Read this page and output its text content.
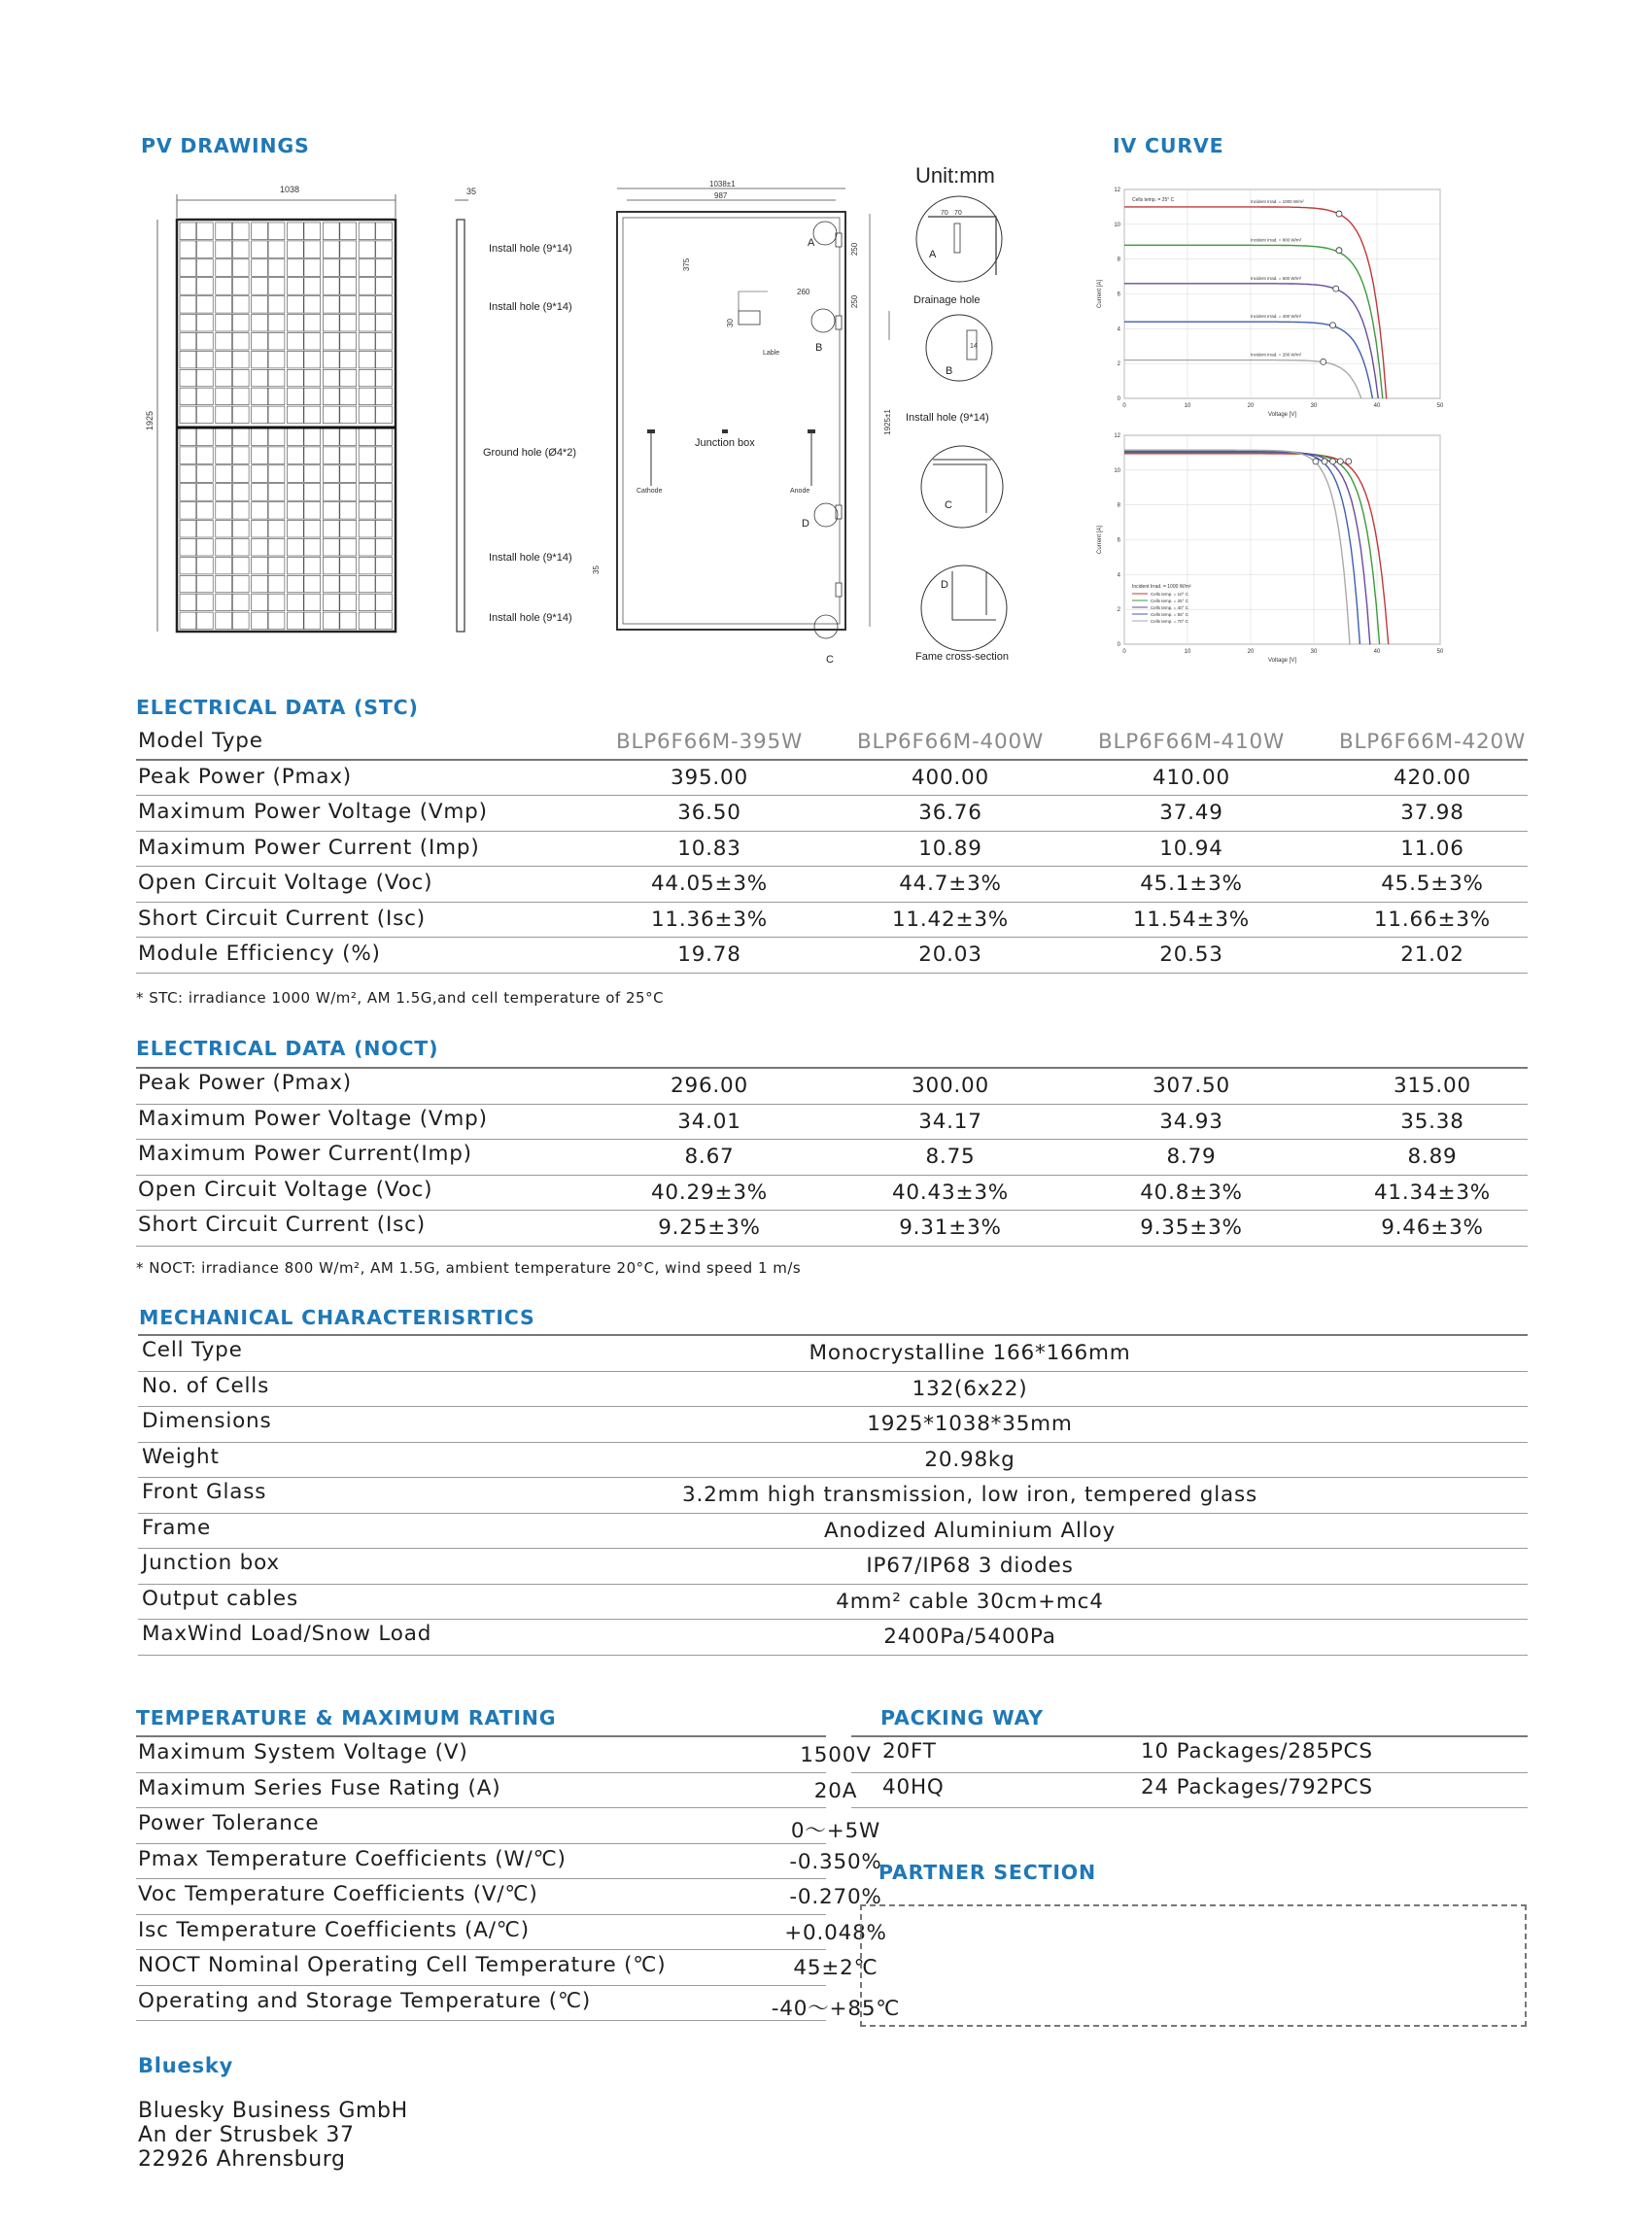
PV DRAWINGS	IV CURVE
1038
1925
35
Install hole (9*14)
Install hole (9*14)
Ground hole (Ø4*2)
Install hole (9*14)
Install hole (9*14)
1038±1
987
1925±1
Junction box
Cathode	Anode
Lable
375
260
250
250
30
35
A
B
D
C
Unit:mm
70 70
A
Drainage hole
14
B
Install hole (9*14)
C
D
Fame cross-section
0	10	20	30	40	50
0
2
4
6
8
10
12
Voltage [V]
Current [A]
Cells temp. = 25° C	Incident Irrad. = 1000 W/m²
Incident Irrad. = 800 W/m²
Incident Irrad. = 600 W/m²
Incident Irrad. = 400 W/m²
Incident Irrad. = 200 W/m²
0	10	20	30	40	50
0
2
4
6
8
10
12
Voltage [V]
Current [A]
Incident Irrad. = 1000 W/m²
Cells temp. = 10° C
Cells temp. = 25° C
Cells temp. = 40° C
Cells temp. = 55° C
Cells temp. = 70° C
ELECTRICAL DATA (STC)
Model Type	BLP6F66M-395W	BLP6F66M-400W	BLP6F66M-410W	BLP6F66M-420W
Peak Power (Pmax)	395.00	400.00	410.00	420.00
Maximum Power Voltage (Vmp)	36.50	36.76	37.49	37.98
Maximum Power Current (Imp)	10.83	10.89	10.94	11.06
Open Circuit Voltage (Voc)	44.05±3%	44.7±3%	45.1±3%	45.5±3%
Short Circuit Current (Isc)	11.36±3%	11.42±3%	11.54±3%	11.66±3%
Module Efficiency (%)	19.78	20.03	20.53	21.02
* STC: irradiance 1000 W/m², AM 1.5G,and cell temperature of 25°C
ELECTRICAL DATA (NOCT)
Peak Power (Pmax)	296.00	300.00	307.50	315.00
Maximum Power Voltage (Vmp)	34.01	34.17	34.93	35.38
Maximum Power Current(Imp)	8.67	8.75	8.79	8.89
Open Circuit Voltage (Voc)	40.29±3%	40.43±3%	40.8±3%	41.34±3%
Short Circuit Current (Isc)	9.25±3%	9.31±3%	9.35±3%	9.46±3%
* NOCT: irradiance 800 W/m², AM 1.5G, ambient temperature 20°C, wind speed 1 m/s
MECHANICAL CHARACTERISRTICS
Cell Type	Monocrystalline 166*166mm
No. of Cells	132(6x22)
Dimensions	1925*1038*35mm
Weight	20.98kg
Front Glass	3.2mm high transmission, low iron, tempered glass
Frame	Anodized Aluminium Alloy
Junction box	IP67/IP68 3 diodes
Output cables	4mm² cable 30cm+mc4
MaxWind Load/Snow Load	2400Pa/5400Pa
TEMPERATURE & MAXIMUM RATING
Maximum System Voltage (V)	1500V
Maximum Series Fuse Rating (A)	20A
Power Tolerance	0～+5W
Pmax Temperature Coefficients (W/℃)	-0.350%
Voc Temperature Coefficients (V/℃)	-0.270%
Isc Temperature Coefficients (A/℃)	+0.048%
NOCT Nominal Operating Cell Temperature (℃)	45±2℃
Operating and Storage Temperature (℃)	-40～+85℃
PACKING WAY
20FT	10 Packages/285PCS
40HQ	24 Packages/792PCS
PARTNER SECTION
Bluesky
Bluesky Business GmbH
An der Strusbek 37
22926 Ahrensburg
